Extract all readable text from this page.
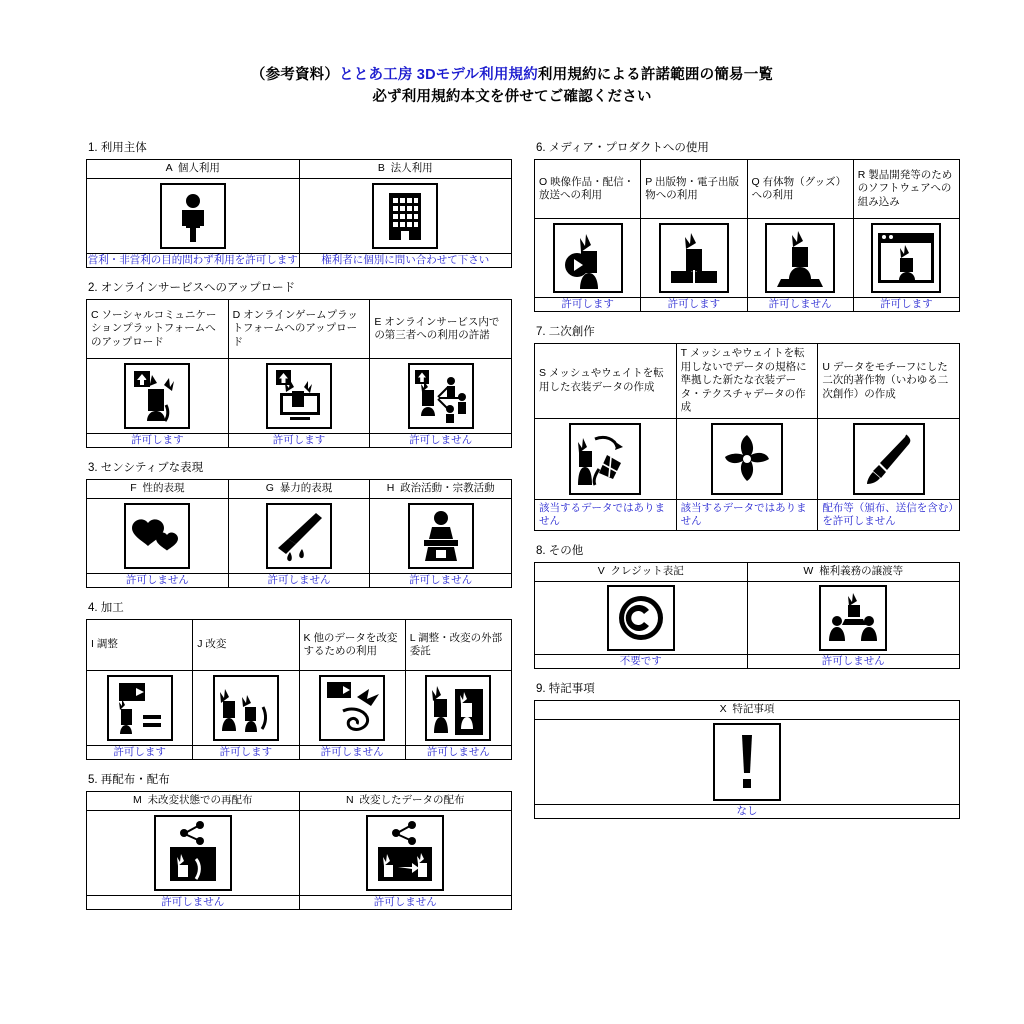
（参考資料）ととあ工房 3Dモデル利用規約利用規約による許諾範囲の簡易一覧
必ず利用規約本文を併せてご確認ください
1. 利用主体
A 個人利用	B 法人利用

営利・非営利の目的問わず利用を許可します	権利者に個別に問い合わせて下さい
2. オンラインサービスへのアップロード
C ソーシャルコミュニケーションプラットフォームへのアップロード	D オンラインゲームプラットフォームへのアップロード	E オンラインサービス内での第三者への利用の許諾

許可します	許可します	許可しません
3. センシティブな表現
F 性的表現	G 暴力的表現	H 政治活動・宗教活動

許可しません	許可しません	許可しません
4. 加工
I 調整	J 改変	K 他のデータを改変するための利用	L 調整・改変の外部委託

許可します	許可します	許可しません	許可しません
5. 再配布・配布
M 未改変状態での再配布	N 改変したデータの配布

許可しません	許可しません
6. メディア・プロダクトへの使用
O 映像作品・配信・放送への利用	P 出版物・電子出版物への利用	Q 有体物（グッズ）への利用	R 製品開発等のためのソフトウェアへの組み込み

許可します	許可します	許可しません	許可します
7. 二次創作
S メッシュやウェイトを転用した衣装データの作成	T メッシュやウェイトを転用しないでデータの規格に準拠した新たな衣装データ・テクスチャデータの作成	U データをモチーフにした二次的著作物（いわゆる二次創作）の作成

該当するデータではありません	該当するデータではありません	配布等（頒布、送信を含む）を許可しません
8. その他
V クレジット表記	W 権利義務の譲渡等

不要です	許可しません
9. 特記事項
X 特記事項

なし
